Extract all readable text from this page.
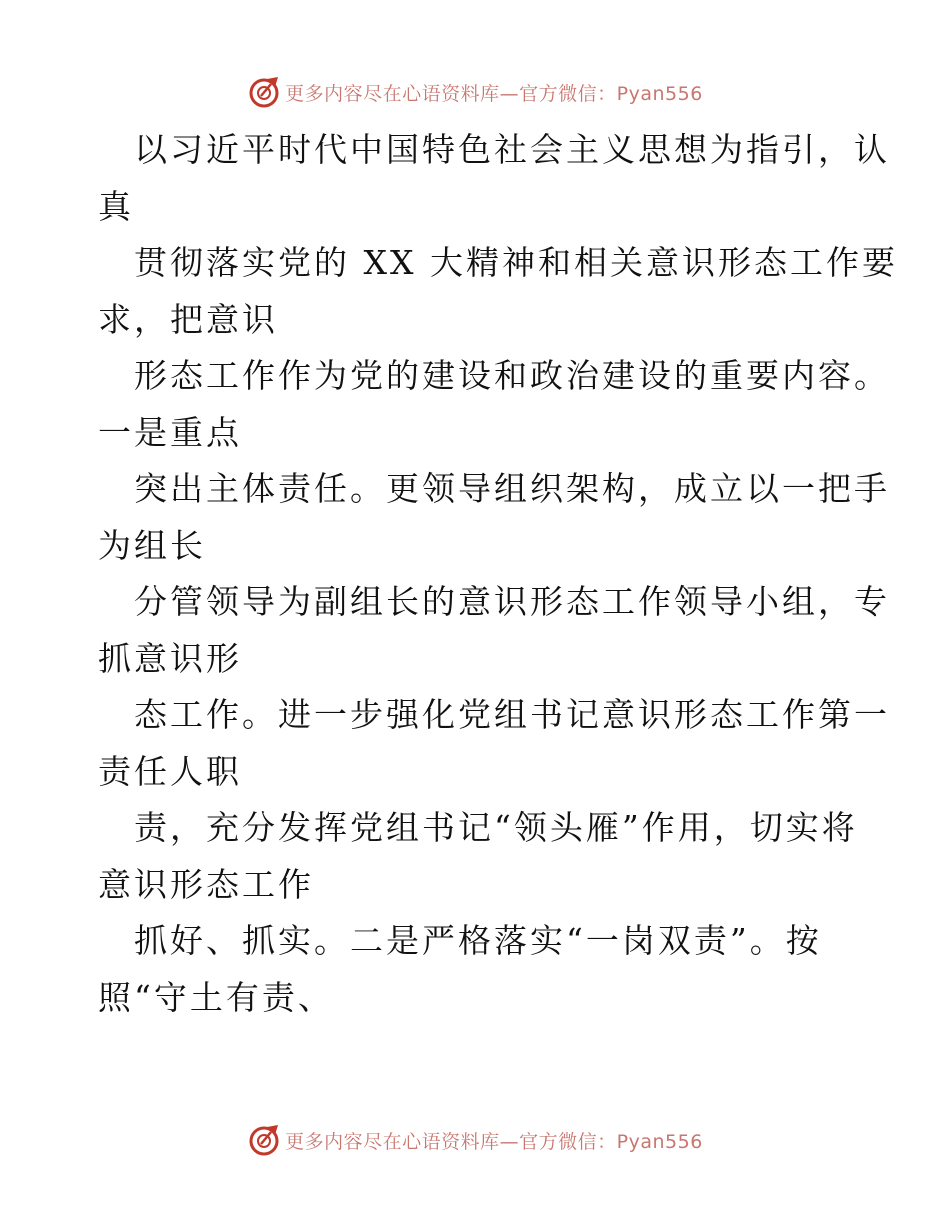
更多内容尽在心语资料库—官方微信：Pyan556
以习近平时代中国特色社会主义思想为指引，认
真
贯彻落实党的 XX 大精神和相关意识形态工作要
求，把意识
形态工作作为党的建设和政治建设的重要内容。
一是重点
突出主体责任。更领导组织架构，成立以一把手
为组长
分管领导为副组长的意识形态工作领导小组，专
抓意识形
态工作。进一步强化党组书记意识形态工作第一
责任人职
责，充分发挥党组书记“领头雁”作用，切实将
意识形态工作
抓好、抓实。二是严格落实“一岗双责”。按
照“守土有责、
更多内容尽在心语资料库—官方微信：Pyan556
